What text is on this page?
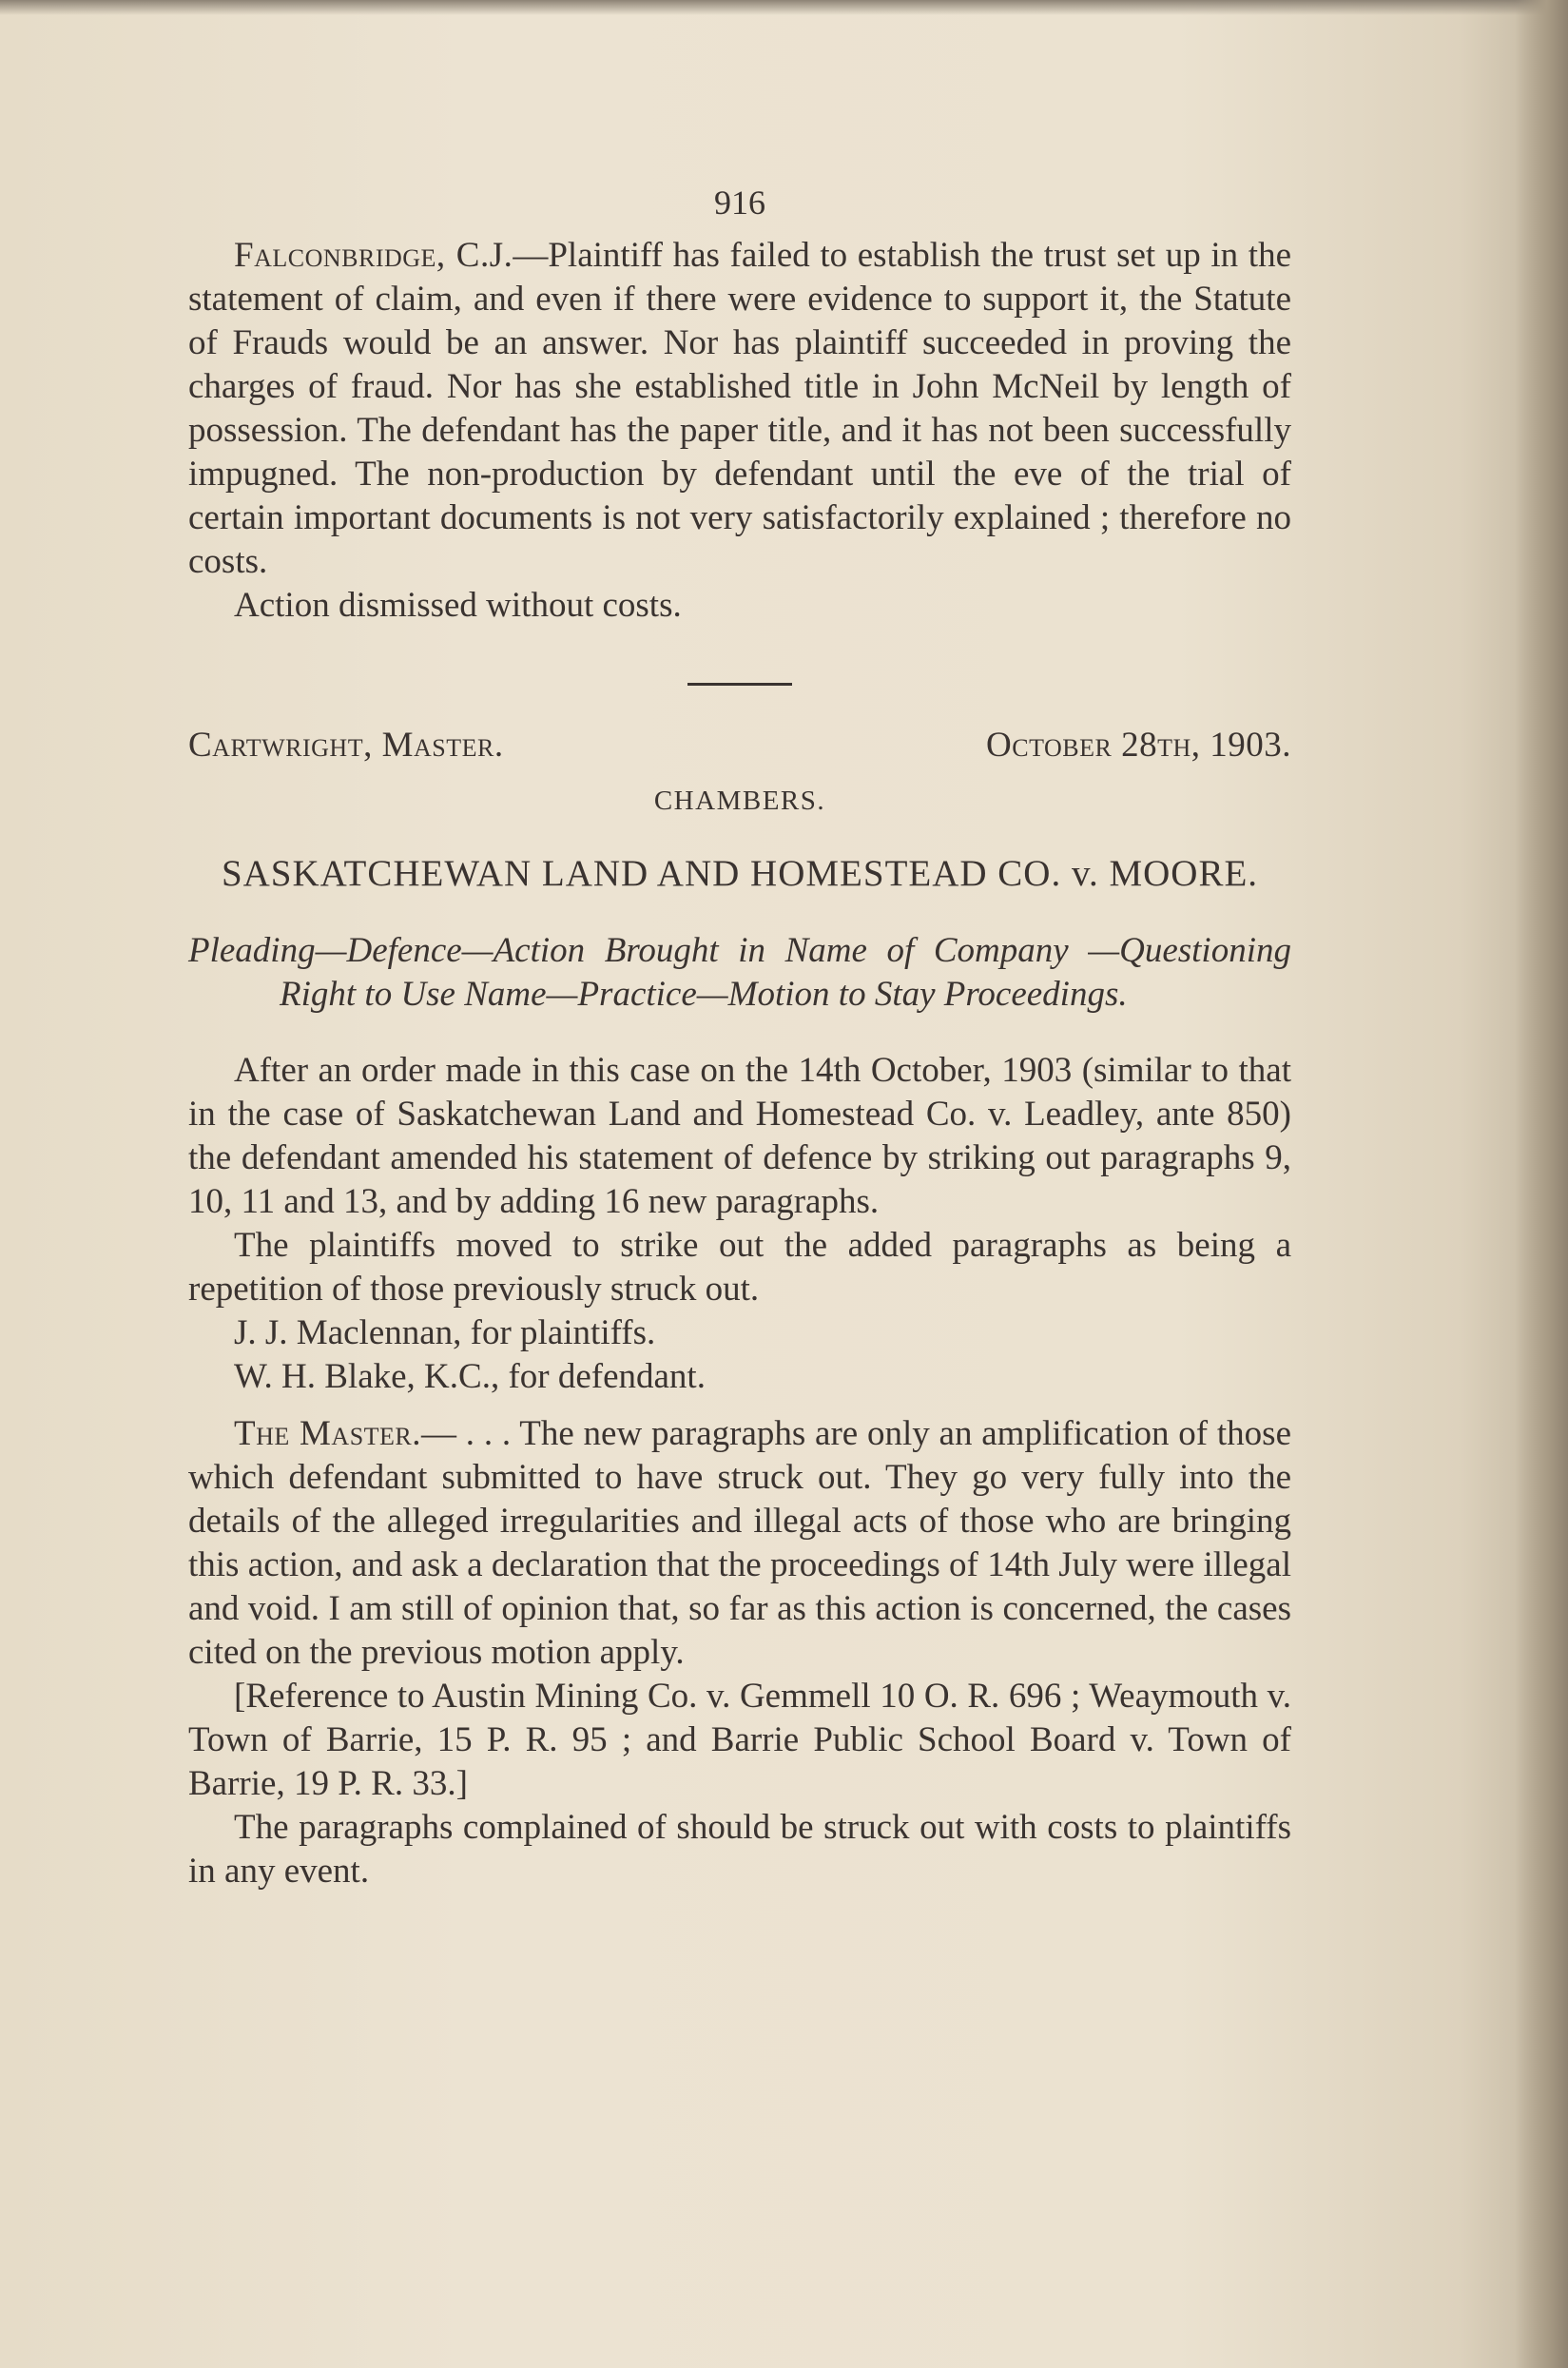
916

Falconbridge, C.J.—Plaintiff has failed to establish the trust set up in the statement of claim, and even if there were evidence to support it, the Statute of Frauds would be an answer. Nor has plaintiff succeeded in proving the charges of fraud. Nor has she established title in John McNeil by length of possession. The defendant has the paper title, and it has not been successfully impugned. The non-production by defendant until the eve of the trial of certain important documents is not very satisfactorily explained ; therefore no costs.

Action dismissed without costs.

Cartwright, Master.	October 28th, 1903.
CHAMBERS.
SASKATCHEWAN LAND AND HOMESTEAD CO. v. MOORE.

Pleading—Defence—Action Brought in Name of Company —Questioning Right to Use Name—Practice—Motion to Stay Proceedings.

After an order made in this case on the 14th October, 1903 (similar to that in the case of Saskatchewan Land and Homestead Co. v. Leadley, ante 850) the defendant amended his statement of defence by striking out paragraphs 9, 10, 11 and 13, and by adding 16 new paragraphs.

The plaintiffs moved to strike out the added paragraphs as being a repetition of those previously struck out.

J. J. Maclennan, for plaintiffs.

W. H. Blake, K.C., for defendant.

The Master.— . . . The new paragraphs are only an amplification of those which defendant submitted to have struck out. They go very fully into the details of the alleged irregularities and illegal acts of those who are bringing this action, and ask a declaration that the proceedings of 14th July were illegal and void. I am still of opinion that, so far as this action is concerned, the cases cited on the previous motion apply.

[Reference to Austin Mining Co. v. Gemmell 10 O. R. 696 ; Weaymouth v. Town of Barrie, 15 P. R. 95 ; and Barrie Public School Board v. Town of Barrie, 19 P. R. 33.]

The paragraphs complained of should be struck out with costs to plaintiffs in any event.
